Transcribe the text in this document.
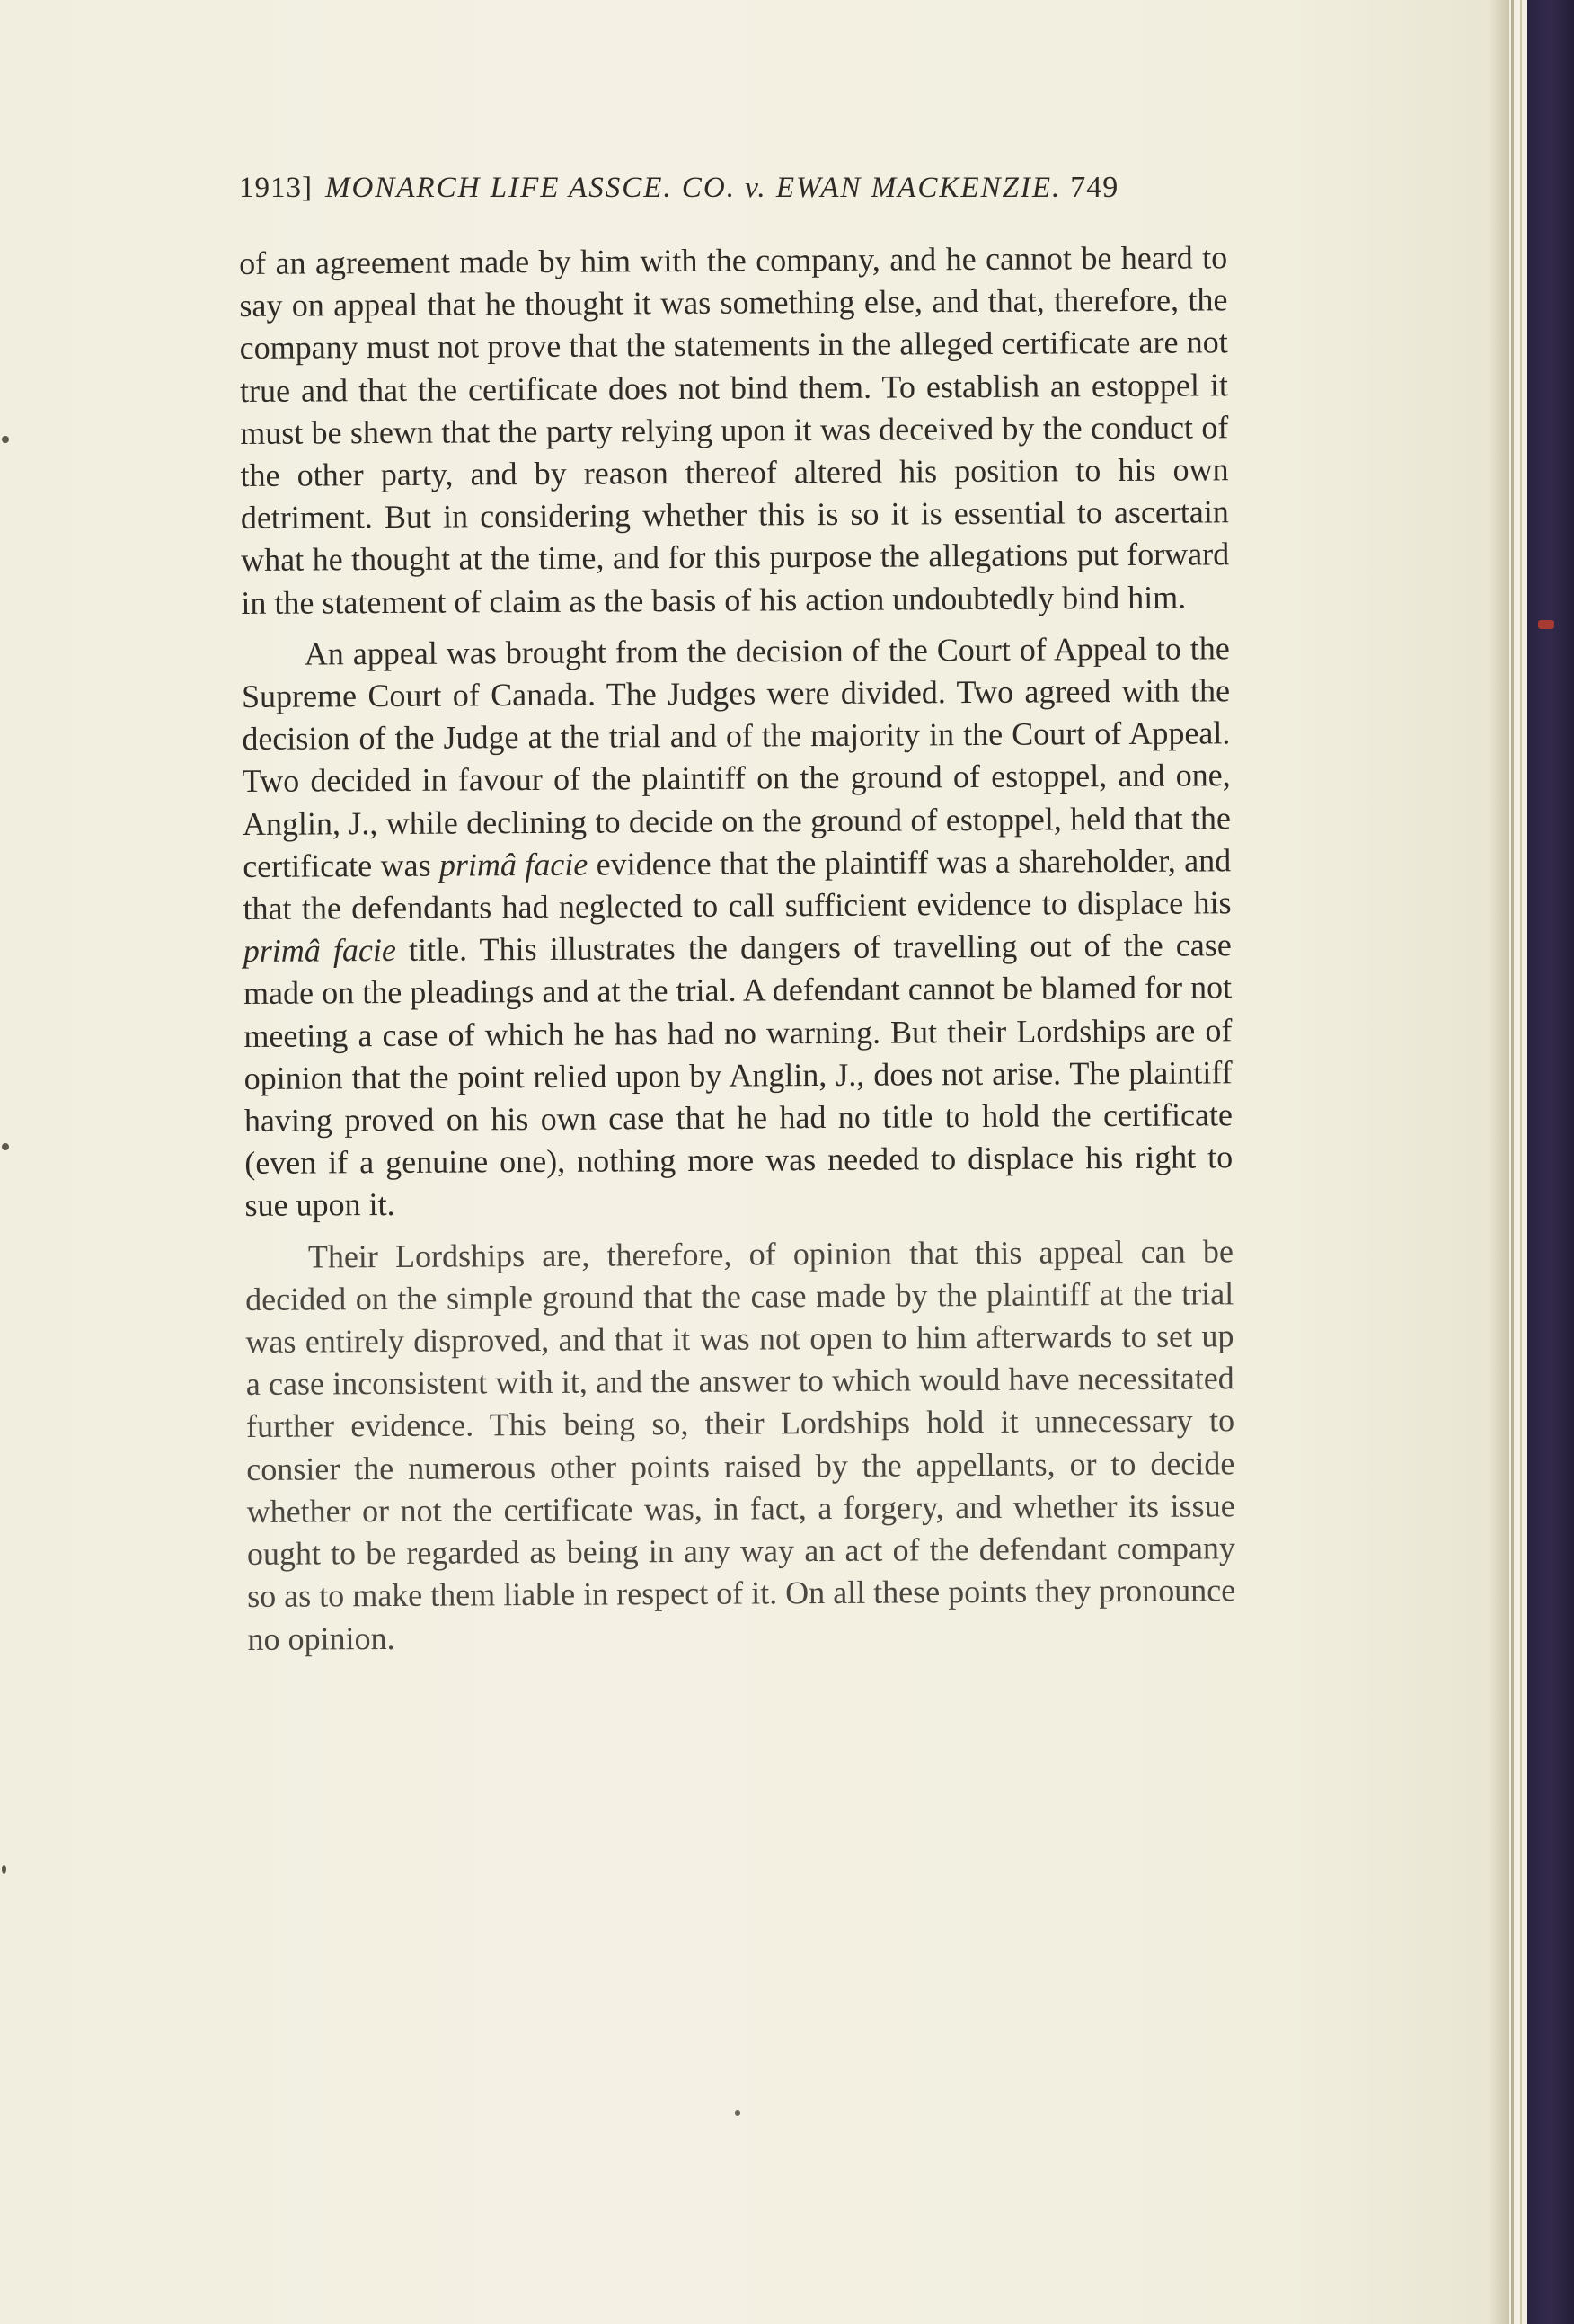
1913] MONARCH LIFE ASSCE. CO. v. EWAN MACKENZIE. 749

of an agreement made by him with the company, and he cannot be heard to say on appeal that he thought it was something else, and that, therefore, the company must not prove that the statements in the alleged certificate are not true and that the certificate does not bind them. To establish an estoppel it must be shewn that the party relying upon it was deceived by the conduct of the other party, and by reason thereof altered his position to his own detriment. But in considering whether this is so it is essential to ascertain what he thought at the time, and for this purpose the allegations put forward in the statement of claim as the basis of his action undoubtedly bind him.

An appeal was brought from the decision of the Court of Appeal to the Supreme Court of Canada. The Judges were divided. Two agreed with the decision of the Judge at the trial and of the majority in the Court of Appeal. Two decided in favour of the plaintiff on the ground of estoppel, and one, Anglin, J., while declining to decide on the ground of estoppel, held that the certificate was primâ facie evidence that the plaintiff was a shareholder, and that the defendants had neglected to call sufficient evidence to displace his primâ facie title. This illustrates the dangers of travelling out of the case made on the pleadings and at the trial. A defendant cannot be blamed for not meeting a case of which he has had no warning. But their Lordships are of opinion that the point relied upon by Anglin, J., does not arise. The plaintiff having proved on his own case that he had no title to hold the certificate (even if a genuine one), nothing more was needed to displace his right to sue upon it.

Their Lordships are, therefore, of opinion that this appeal can be decided on the simple ground that the case made by the plaintiff at the trial was entirely disproved, and that it was not open to him afterwards to set up a case inconsistent with it, and the answer to which would have necessitated further evidence. This being so, their Lordships hold it unnecessary to consier the numerous other points raised by the appellants, or to decide whether or not the certificate was, in fact, a forgery, and whether its issue ought to be regarded as being in any way an act of the defendant company so as to make them liable in respect of it. On all these points they pronounce no opinion.
